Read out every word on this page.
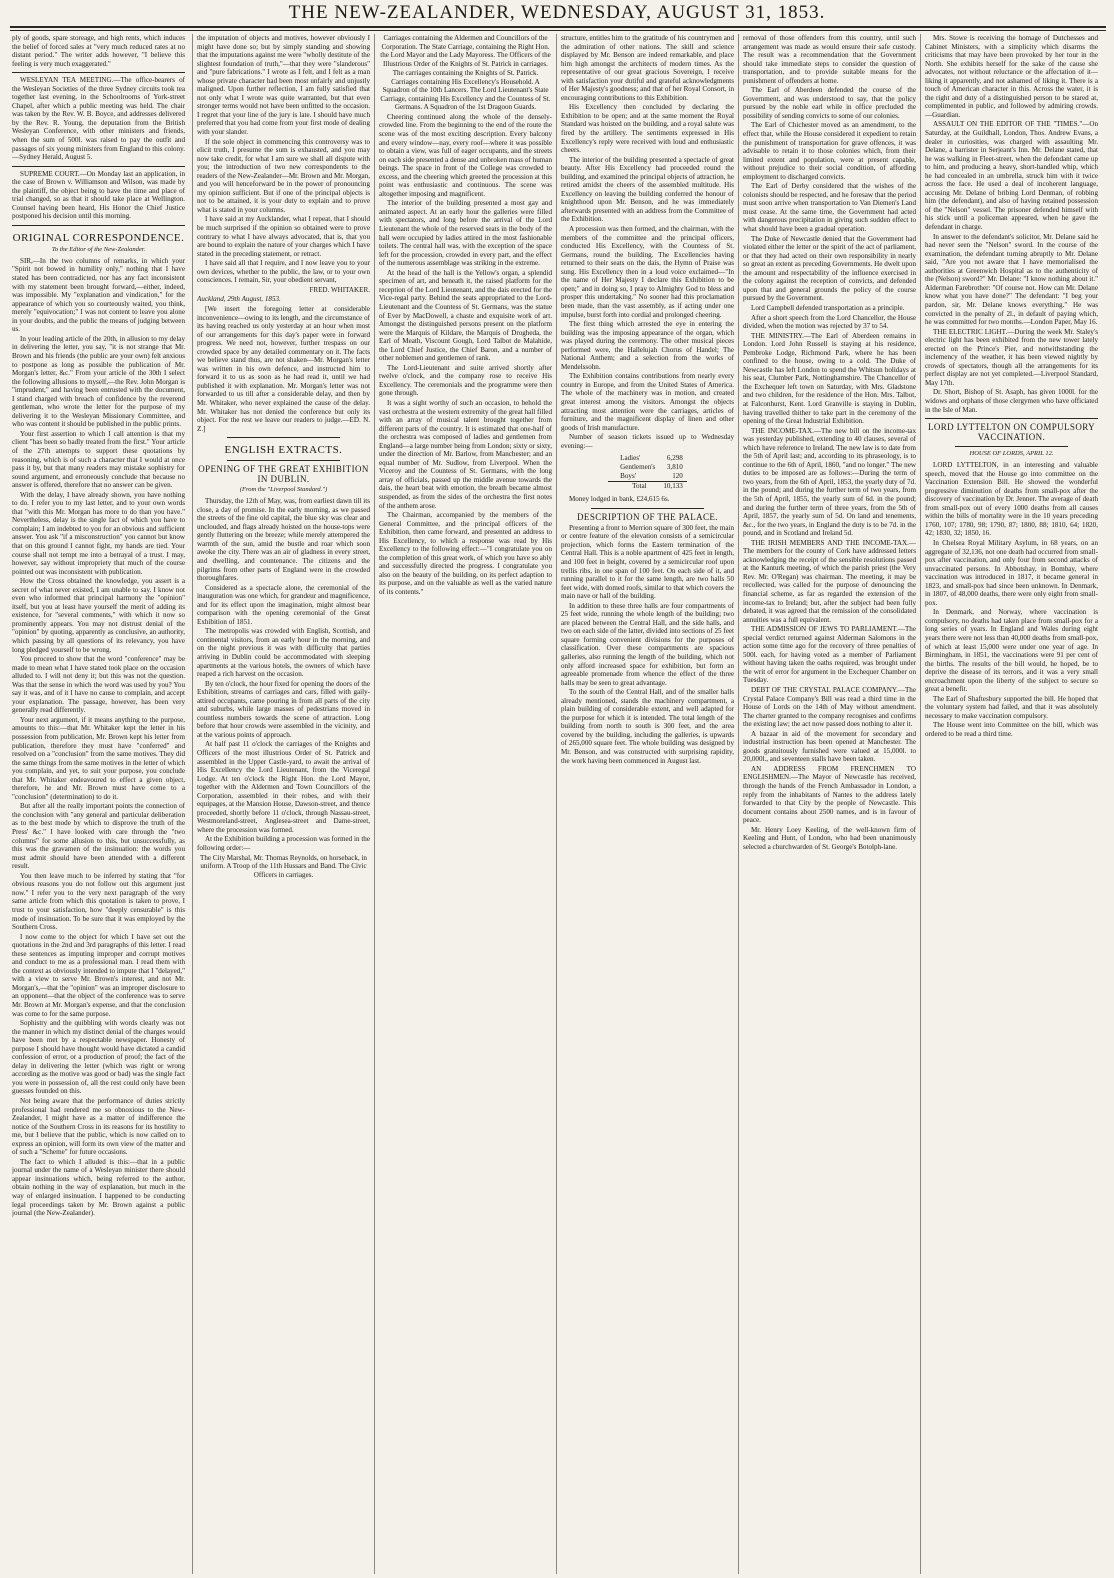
THE NEW-ZEALANDER, WEDNESDAY, AUGUST 31, 1853.

ply of goods, spare storeage, and high rents, which induces the belief of forced sales at "very much reduced rates at no distant period." The writer adds however, "I believe this feeling is very much exaggerated."

WESLEYAN TEA MEETING.—The office-bearers of the Wesleyan Societies of the three Sydney circuits took tea together last evening, in the Schoolrooms of York-street Chapel, after which a public meeting was held. The chair was taken by the Rev. W. B. Boyce, and addresses delivered by the Rev. R. Young, the deputation from the British Wesleyan Conference, with other ministers and friends, when the sum of 500l. was raised to pay the outfit and passages of six young ministers from England to this colony.—Sydney Herald, August 5.

SUPREME COURT.—On Monday last an application, in the case of Brown v. Williamson and Wilson, was made by the plaintiff, the object being to have the time and place of trial changed, so as that it should take place at Wellington. Counsel having been heard, His Honor the Chief Justice postponed his decision until this morning.

ORIGINAL CORRESPONDENCE.
To the Editor of the New-Zealander.

SIR,—In the two columns of remarks, in which your "Spirit not bowed in humility only," nothing that I have stated has been contradicted, nor has any fact inconsistent with my statement been brought forward,—either, indeed, was impossible. My "explanation and vindication," for the appearance of which you so courteously waited, you think, merely "equivocation;" I was not content to leave you alone in your doubts, and the public the means of judging between us.

In your leading article of the 20th, in allusion to my delay in delivering the letter, you say, "it is not strange that Mr. Brown and his friends (the public are your own) felt anxious to postpone as long as possible the publication of Mr. Morgan's letter, &c." From your article of the 30th I select the following allusions to myself,—the Rev. John Morgan is "imprudent," and having been entrusted with the document, I stand charged with breach of confidence by the reverend gentleman, who wrote the letter for the purpose of my delivering it to the Wesleyan Missionary Committee, and who was content it should be published in the public prints.

Your first assertion to which I call attention is that my client "has been so badly treated from the first." Your article of the 27th attempts to support these quotations by reasoning, which is of such a character that I would at once pass it by, but that many readers may mistake sophistry for sound argument, and erroneously conclude that because no answer is offered, therefore that no answer can be given.

With the delay, I have already shown, you have nothing to do. I refer you to my last letter, and to your own words that "with this Mr. Morgan has more to do than you have." Nevertheless, delay is the single fact of which you have to complain; I am indebted to you for an obvious and sufficient answer. You ask "if a misconstruction" you cannot but know that on this ground I cannot fight, my hands are tied. Your course shall not tempt me into a betrayal of a trust. I may, however, say without impropriety that much of the course pointed out was inconsistent with publication.

How the Cross obtained the knowledge, you assert is a secret of what never existed, I am unable to say. I know not even who informed that principal harmony the "opinion" itself, but you at least have yourself the merit of adding its existence, for "several comments," with which it now so prominently appears. You may not distrust denial of the "opinion" by quoting, apparently as conclusive, an authority, which passing by all questions of its relevancy, you have long pledged yourself to be wrong.

You proceed to show that the word "conference" may be made to mean what I have stated took place on the occasion alluded to. I will not deny it; but this was not the question. Was that the sense in which the word was used by you? You say it was, and of it I have no cause to complain, and accept your explanation. The passage, however, has been very generally read differently.

Your next argument, if it means anything to the purpose, amounts to this:—that Mr. Whitaker kept the letter in his possession from publication, Mr. Brown kept his letter from publication, therefore they must have "conferred" and resolved on a "conclusion" from the same motives. They did the same things from the same motives in the letter of which you complain, and yet, to suit your purpose, you conclude that Mr. Whitaker endeavoured to effect a given object, therefore, he and Mr. Brown must have come to a "conclusion" (determination) to do it.

But after all the really important points the connection of the conclusion with "any general and particular deliberation as to the best mode by which to disprove the truth of the Press' &c." I have looked with care through the "two columns" for some allusion to this, but unsuccessfully, as this was the gravamen of the insinuation: the words you must admit should have been attended with a different result.

You then leave much to be inferred by stating that "for obvious reasons you do not follow out this argument just now." I refer you to the very next paragraph of the very same article from which this quotation is taken to prove, I trust to your satisfaction, how "deeply censurable" is this mode of insinuation. To be sure that it was employed by the Southern Cross.

I now come to the object for which I have set out the quotations in the 2nd and 3rd paragraphs of this letter. I read these sentences as imputing improper and corrupt motives and conduct to me as a professional man. I read them with the context as obviously intended to impute that I "delayed," with a view to serve Mr. Brown's interest, and not Mr. Morgan's,—that the "opinion" was an improper disclosure to an opponent—that the object of the conference was to serve Mr. Brown at Mr. Morgan's expense, and that the conclusion was come to for the same purpose.

Sophistry and the quibbling with words clearly was not the manner in which my distinct denial of the charges would have been met by a respectable newspaper. Honesty of purpose I should have thought would have dictated a candid confession of error, or a production of proof; the fact of the delay in delivering the letter (which was right or wrong according as the motive was good or bad) was the single fact you were in possession of, all the rest could only have been guesses founded on this.

Not being aware that the performance of duties strictly professional had rendered me so obnoxious to the New-Zealander, I might have as a matter of indifference the notice of the Southern Cross in its reasons for its hostility to me, but I believe that the public, which is now called on to express an opinion, will form its own view of the matter and of such a "Scheme" for future occasions.

The fact to which I alluded is this:—that in a public journal under the name of a Wesleyan minister there should appear insinuations which, being referred to the author, obtain nothing in the way of explanation, but much in the way of enlarged insinuation. I happened to be conducting legal proceedings taken by Mr. Brown against a public journal (the New-Zealander).

the imputation of objects and motives, however obviously I might have done so; but by simply standing and showing that the imputations against me were "wholly destitute of the slightest foundation of truth,"—that they were "slanderous" and "pure fabrications." I wrote as I felt, and I felt as a man whose private character had been most unfairly and unjustly maligned. Upon further reflection, I am fully satisfied that not only what I wrote was quite warranted, but that even stronger terms would not have been unfitted to the occasion. I regret that your line of the jury is late. I should have much preferred that you had come from your first mode of dealing with your slander.

If the sole object in commencing this controversy was to elicit truth, I presume the sum is exhausted, and you may now take credit, for what I am sure we shall all dispute with you; the introduction of two new correspondents to the readers of the New-Zealander—Mr. Brown and Mr. Morgan, and you will henceforward be in the power of pronouncing my opinion sufficient. But if one of the principal objects is not to be attained, it is your duty to explain and to prove what is stated in your columns.

I have said at my Aucklander, what I repeat, that I should be much surprised if the opinion so obtained were to prove contrary to what I have always advocated, that is, that you are bound to explain the nature of your charges which I have stated in the preceding statement, or retract.

I have said all that I require, and I now leave you to your own devices, whether to the public, the law, or to your own consciences. I remain, Sir, your obedient servant,

FRED. WHITAKER.

Auckland, 29th August, 1853.

[We insert the foregoing letter at considerable inconvenience—owing to its length, and the circumstance of its having reached us only yesterday at an hour when most of our arrangements for this day's paper were in forward progress. We need not, however, further trespass on our crowded space by any detailed commentary on it. The facts we believe stand thus, are not shaken—Mr. Morgan's letter was written in his own defence, and instructed him to forward it to us as soon as he had read it, until we had published it with explanation. Mr. Morgan's letter was not forwarded to us till after a considerable delay, and then by Mr. Whitaker, who never explained the cause of the delay. Mr. Whitaker has not denied the conference but only its object. For the rest we leave our readers to judge.—ED. N. Z.]

ENGLISH EXTRACTS.
OPENING OF THE GREAT EXHIBITION IN DUBLIN.
(From the "Liverpool Standard.")

Thursday, the 12th of May, was, from earliest dawn till its close, a day of promise. In the early morning, as we passed the streets of the fine old capital, the blue sky was clear and unclouded, and flags already hoisted on the house-tops were gently fluttering on the breeze; while merely attempered the warmth of the sun, amid the bustle and roar which soon awoke the city. There was an air of gladness in every street, and dwelling, and countenance. The citizens and the pilgrims from other parts of England were in the crowded thoroughfares.

Considered as a spectacle alone, the ceremonial of the inauguration was one which, for grandeur and magnificence, and for its effect upon the imagination, might almost bear comparison with the opening ceremonial of the Great Exhibition of 1851.

The metropolis was crowded with English, Scottish, and continental visitors, from an early hour in the morning, and on the night previous it was with difficulty that parties arriving in Dublin could be accommodated with sleeping apartments at the various hotels, the owners of which have reaped a rich harvest on the occasion.

By ten o'clock, the hour fixed for opening the doors of the Exhibition, streams of carriages and cars, filled with gaily-attired occupants, came pouring in from all parts of the city and suburbs, while large masses of pedestrians moved in countless numbers towards the scene of attraction. Long before that hour crowds were assembled in the vicinity, and at the various points of approach.

At half past 11 o'clock the carriages of the Knights and Officers of the most illustrious Order of St. Patrick and assembled in the Upper Castle-yard, to await the arrival of His Excellency the Lord Lieutenant, from the Viceregal Lodge. At ten o'clock the Right Hon. the Lord Mayor, together with the Aldermen and Town Councillors of the Corporation, assembled in their robes, and with their equipages, at the Mansion House, Dawson-street, and thence proceeded, shortly before 11 o'clock, through Nassau-street, Westmoreland-street, Anglesea-street and Dame-street, where the procession was formed.

At the Exhibition building a procession was formed in the following order:—

The City Marshal, Mr. Thomas Reynolds, on horseback, in uniform. A Troop of the 11th Hussars and Band. The Civic Officers in carriages.

Carriages containing the Aldermen and Councillors of the Corporation. The State Carriage, containing the Right Hon. the Lord Mayor and the Lady Mayoress. The Officers of the Illustrious Order of the Knights of St. Patrick in carriages.

The carriages containing the Knights of St. Patrick. Carriages containing His Excellency's Household. A Squadron of the 10th Lancers. The Lord Lieutenant's State Carriage, containing His Excellency and the Countess of St. Germans. A Squadron of the 1st Dragoon Guards.

Cheering continued along the whole of the densely-crowded line. From the beginning to the end of the route the scene was of the most exciting description. Every balcony and every window—nay, every roof—where it was possible to obtain a view, was full of eager occupants, and the streets on each side presented a dense and unbroken mass of human beings. The space in front of the College was crowded to excess, and the cheering which greeted the procession at this point was enthusiastic and continuous. The scene was altogether imposing and magnificent.

The interior of the building presented a most gay and animated aspect. At an early hour the galleries were filled with spectators, and long before the arrival of the Lord Lieutenant the whole of the reserved seats in the body of the hall were occupied by ladies attired in the most fashionable toilets. The central hall was, with the exception of the space left for the procession, crowded in every part, and the effect of the numerous assemblage was striking in the extreme.

At the head of the hall is the Yellow's organ, a splendid specimen of art, and beneath it, the raised platform for the reception of the Lord Lieutenant, and the dais erected for the Vice-regal party. Behind the seats appropriated to the Lord-Lieutenant and the Countess of St. Germans, was the statue of Ever by MacDowell, a chaste and exquisite work of art. Amongst the distinguished persons present on the platform were the Marquis of Kildare, the Marquis of Drogheda, the Earl of Meath, Viscount Gough, Lord Talbot de Malahide, the Lord Chief Justice, the Chief Baron, and a number of other noblemen and gentlemen of rank.

The Lord-Lieutenant and suite arrived shortly after twelve o'clock, and the company rose to receive His Excellency. The ceremonials and the programme were then gone through.

It was a sight worthy of such an occasion, to behold the vast orchestra at the western extremity of the great hall filled with an array of musical talent brought together from different parts of the country. It is estimated that one-half of the orchestra was composed of ladies and gentlemen from England—a large number being from London; sixty or sixty, under the direction of Mr. Barlow, from Manchester; and an equal number of Mr. Sudlow, from Liverpool. When the Viceroy and the Countess of St. Germans, with the long array of officials, passed up the middle avenue towards the dais, the heart beat with emotion, the breath became almost suspended, as from the sides of the orchestra the first notes of the anthem arose.

The Chairman, accompanied by the members of the General Committee, and the principal officers of the Exhibition, then came forward, and presented an address to His Excellency, to which a response was read by His Excellency to the following effect:—"I congratulate you on the completion of this great work, of which you have so ably and successfully directed the progress. I congratulate you also on the beauty of the building, on its perfect adaption to its purpose, and on the valuable as well as the varied nature of its contents."

structure, entitles him to the gratitude of his countrymen and the admiration of other nations. The skill and science displayed by Mr. Benson are indeed remarkable, and place him high amongst the architects of modern times. As the representative of our great gracious Sovereign, I receive with satisfaction your dutiful and grateful acknowledgments of Her Majesty's goodness; and that of her Royal Consort, in encouraging contributions to this Exhibition.

His Excellency then concluded by declaring the Exhibition to be open; and at the same moment the Royal Standard was hoisted on the building, and a royal salute was fired by the artillery. The sentiments expressed in His Excellency's reply were received with loud and enthusiastic cheers.

The interior of the building presented a spectacle of great beauty. After His Excellency had proceeded round the building, and examined the principal objects of attraction, he retired amidst the cheers of the assembled multitude. His Excellency on leaving the building conferred the honour of knighthood upon Mr. Benson, and he was immediately afterwards presented with an address from the Committee of the Exhibition.

A procession was then formed, and the chairman, with the members of the committee and the principal officers, conducted His Excellency, with the Countess of St. Germans, round the building. The Excellencies having returned to their seats on the dais, the Hymn of Praise was sung. His Excellency then in a loud voice exclaimed—"In the name of Her Majesty I declare this Exhibition to be open;" and in doing so, I pray to Almighty God to bless and prosper this undertaking." No sooner had this proclamation been made, than the vast assembly, as if acting under one impulse, burst forth into cordial and prolonged cheering.

The first thing which arrested the eye in entering the building was the imposing appearance of the organ, which was played during the ceremony. The other musical pieces performed were, the Hallelujah Chorus of Handel; The National Anthem; and a selection from the works of Mendelssohn.

The Exhibition contains contributions from nearly every country in Europe, and from the United States of America. The whole of the machinery was in motion, and created great interest among the visitors. Amongst the objects attracting most attention were the carriages, articles of furniture, and the magnificent display of linen and other goods of Irish manufacture.

Number of season tickets issued up to Wednesday evening:—

Ladies'	6,298
Gentlemen's	3,810
Boys'	120
Total	10,133

Money lodged in bank, £24,615 6s.

DESCRIPTION OF THE PALACE.

Presenting a front to Merrion square of 300 feet, the main or centre feature of the elevation consists of a semicircular projection, which forms the Eastern termination of the Central Hall. This is a noble apartment of 425 feet in length, and 100 feet in height, covered by a semicircular roof upon trellis ribs, in one span of 100 feet. On each side of it, and running parallel to it for the same length, are two halls 50 feet wide, with domed roofs, similar to that which covers the main nave or hall of the building.

In addition to these three halls are four compartments of 25 feet wide, running the whole length of the building; two are placed between the Central Hall, and the side halls, and two on each side of the latter, divided into sections of 25 feet square forming convenient divisions for the purposes of classification. Over these compartments are spacious galleries, also running the length of the building, which not only afford increased space for exhibition, but form an agreeable promenade from whence the effect of the three halls may be seen to great advantage.

To the south of the Central Hall, and of the smaller halls already mentioned, stands the machinery compartment, a plain building of considerable extent, and well adapted for the purpose for which it is intended. The total length of the building from north to south is 300 feet, and the area covered by the building, including the galleries, is upwards of 265,000 square feet. The whole building was designed by Mr. Benson, and was constructed with surprising rapidity, the work having been commenced in August last.

removal of those offenders from this country, until such arrangement was made as would ensure their safe custody. The result was a recommendation that the Government should take immediate steps to consider the question of transportation, and to provide suitable means for the punishment of offenders at home.

The Earl of Aberdeen defended the course of the Government, and was understood to say, that the policy pursued by the noble earl while in office precluded the possibility of sending convicts to some of our colonies.

The Earl of Chichester moved as an amendment, to the effect that, while the House considered it expedient to retain the punishment of transportation for grave offences, it was advisable to retain it to those colonies which, from their limited extent and population, were at present capable, without prejudice to their social condition, of affording employment to discharged convicts.

The Earl of Derby considered that the wishes of the colonists should be respected, and he foresaw that the period must soon arrive when transportation to Van Diemen's Land must cease. At the same time, the Government had acted with dangerous precipitation in giving such sudden effect to what should have been a gradual operation.

The Duke of Newcastle denied that the Government had violated either the letter or the spirit of the act of parliament, or that they had acted on their own responsibility in nearly so great an extent as preceding Governments. He dwelt upon the amount and respectability of the influence exercised in the colony against the reception of convicts, and defended upon that and general grounds the policy of the course pursued by the Government.

Lord Campbell defended transportation as a principle.

After a short speech from the Lord Chancellor, the House divided, when the motion was rejected by 37 to 54.

THE MINISTRY.—The Earl of Aberdeen remains in London. Lord John Russell is staying at his residence, Pembroke Lodge, Richmond Park, where he has been confined to the house, owing to a cold. The Duke of Newcastle has left London to spend the Whitsun holidays at his seat, Clumber Park, Nottinghamshire. The Chancellor of the Exchequer left town on Saturday, with Mrs. Gladstone and two children, for the residence of the Hon. Mrs. Talbot, at Falconhurst, Kent. Lord Granville is staying in Dublin, having travelled thither to take part in the ceremony of the opening of the Great Industrial Exhibition.

THE INCOME-TAX.—The new bill on the income-tax was yesterday published, extending to 40 clauses, several of which have reference to Ireland. The new law is to date from the 5th of April last; and, according to its phraseology, is to continue to the 6th of April, 1860, "and no longer." The new duties to be imposed are as follows:—During the term of two years, from the 6th of April, 1853, the yearly duty of 7d. in the pound; and during the further term of two years, from the 5th of April, 1855, the yearly sum of 6d. in the pound; and during the further term of three years, from the 5th of April, 1857, the yearly sum of 5d. On land and tenements, &c., for the two years, in England the duty is to be 7d. in the pound, and in Scotland and Ireland 5d.

THE IRISH MEMBERS AND THE INCOME-TAX.—The members for the county of Cork have addressed letters acknowledging the receipt of the sensible resolutions passed at the Kanturk meeting, of which the parish priest (the Very Rev. Mr. O'Regan) was chairman. The meeting, it may be recollected, was called for the purpose of denouncing the financial scheme, as far as regarded the extension of the income-tax to Ireland; but, after the subject had been fully debated, it was agreed that the remission of the consolidated annuities was a full equivalent.

THE ADMISSION OF JEWS TO PARLIAMENT.—The special verdict returned against Alderman Salomons in the action some time ago for the recovery of three penalties of 500l. each, for having voted as a member of Parliament without having taken the oaths required, was brought under the writ of error for argument in the Exchequer Chamber on Tuesday.

DEBT OF THE CRYSTAL PALACE COMPANY.—The Crystal Palace Company's Bill was read a third time in the House of Lords on the 14th of May without amendment. The charter granted to the company recognises and confirms the existing law; the act now passed does nothing to alter it.

A bazaar in aid of the movement for secondary and industrial instruction has been opened at Manchester. The goods gratuitously furnished were valued at 15,000l. to 20,000l., and seventeen stalls have been taken.

AN ADDRESS FROM FRENCHMEN TO ENGLISHMEN.—The Mayor of Newcastle has received, through the hands of the French Ambassador in London, a reply from the inhabitants of Nantes to the address lately forwarded to that City by the people of Newcastle. This document contains about 2500 names, and is in favour of peace.

Mr. Henry Loey Keeling, of the well-known firm of Keeling and Hunt, of London, who had been unanimously selected a churchwarden of St. George's Botolph-lane.

Mrs. Stowe is receiving the homage of Dutchesses and Cabinet Ministers, with a simplicity which disarms the criticisms that may have been provoked by her tour in the North. She exhibits herself for the sake of the cause she advocates, not without reluctance or the affectation of it—liking it apparently, and not ashamed of liking it. There is a touch of American character in this. Across the water, it is the right and duty of a distinguished person to be stared at, complimented in public, and followed by admiring crowds.—Guardian.

ASSAULT ON THE EDITOR OF THE "TIMES."—On Saturday, at the Guildhall, London, Thos. Andrew Evans, a dealer in curiosities, was charged with assaulting Mr. Delane, a barrister in Serjeant's Inn. Mr. Delane stated, that he was walking in Fleet-street, when the defendant came up to him, and producing a heavy, short-handled whip, which he had concealed in an umbrella, struck him with it twice across the face. He used a deal of incoherent language, accusing Mr. Delane of bribing Lord Denman, of robbing him (the defendant), and also of having retained possession of the "Nelson" vessel. The prisoner defended himself with his stick until a policeman appeared, when he gave the defendant in charge.

In answer to the defendant's solicitor, Mr. Delane said he had never seen the "Nelson" sword. In the course of the examination, the defendant turning abruptly to Mr. Delane said, "Are you not aware that I have memorialised the authorities at Greenwich Hospital as to the authenticity of the (Nelson) sword?" Mr. Delane: "I know nothing about it." Alderman Farebrother: "Of course not. How can Mr. Delane know what you have done?" The defendant: "I beg your pardon, sir, Mr. Delane knows everything." He was convicted in the penalty of 2l., in default of paying which, he was committed for two months.—London Paper, May 16.

THE ELECTRIC LIGHT.—During the week Mr. Staley's electric light has been exhibited from the new tower lately erected on the Prince's Pier, and notwithstanding the inclemency of the weather, it has been viewed nightly by crowds of spectators, though all the arrangements for its perfect display are not yet completed.—Liverpool Standard, May 17th.

Dr. Short, Bishop of St. Asaph, has given 1000l. for the widows and orphans of those clergymen who have officiated in the Isle of Man.

LORD LYTTELTON ON COMPULSORY VACCINATION.
HOUSE OF LORDS, APRIL 12.

LORD LYTTELTON, in an interesting and valuable speech, moved that the House go into committee on the Vaccination Extension Bill. He showed the wonderful progressive diminution of deaths from small-pox after the discovery of vaccination by Dr. Jenner. The average of death from small-pox out of every 1000 deaths from all causes within the bills of mortality were in the 10 years preceding 1760, 107; 1780, 98; 1790, 87; 1800, 88; 1810, 64; 1820, 42; 1830, 32; 1850, 16.

In Chelsea Royal Military Asylum, in 68 years, on an aggregate of 32,136, not one death had occurred from small-pox after vaccination, and only four from second attacks of unvaccinated persons. In Abbotshay, in Bombay, where vaccination was introduced in 1817, it became general in 1823, and small-pox had since been unknown. In Denmark, in 1807, of 48,000 deaths, there were only eight from small-pox.

In Denmark, and Norway, where vaccination is compulsory, no deaths had taken place from small-pox for a long series of years. In England and Wales during eight years there were not less than 40,000 deaths from small-pox, of which at least 15,000 were under one year of age. In Birmingham, in 1851, the vaccinations were 91 per cent of the births. The results of the bill would, he hoped, be to deprive the disease of its terrors, and it was a very small encroachment upon the liberty of the subject to secure so great a benefit.

The Earl of Shaftesbury supported the bill. He hoped that the voluntary system had failed, and that it was absolutely necessary to make vaccination compulsory.

The House went into Committee on the bill, which was ordered to be read a third time.
